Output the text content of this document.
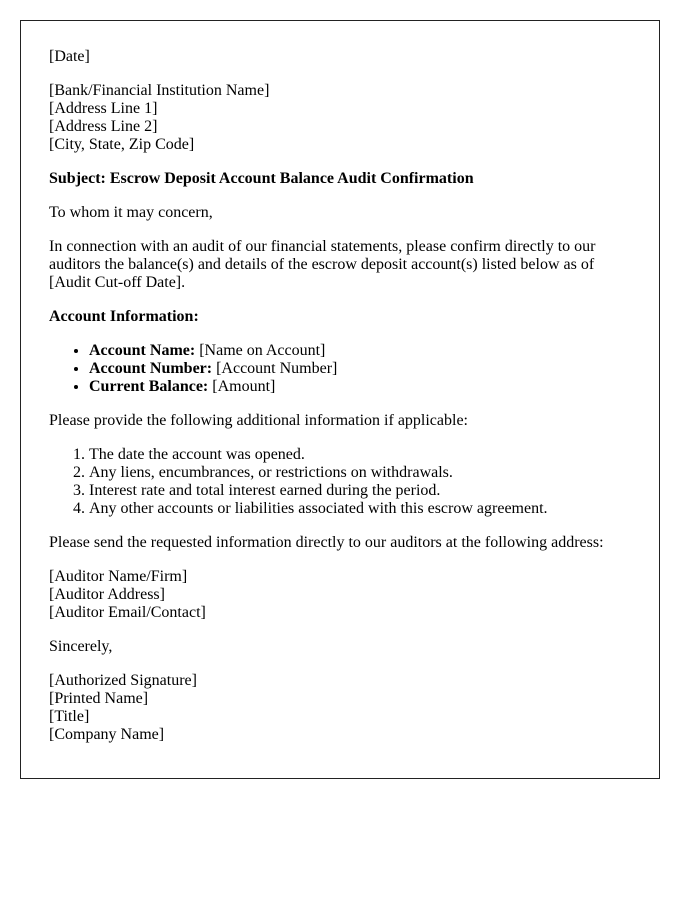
[Date]

[Bank/Financial Institution Name]
[Address Line 1]
[Address Line 2]
[City, State, Zip Code]

Subject: Escrow Deposit Account Balance Audit Confirmation

To whom it may concern,

In connection with an audit of our financial statements, please confirm directly to our auditors the balance(s) and details of the escrow deposit account(s) listed below as of [Audit Cut-off Date].

Account Information:

• Account Name: [Name on Account]
• Account Number: [Account Number]
• Current Balance: [Amount]

Please provide the following additional information if applicable:

1. The date the account was opened.
2. Any liens, encumbrances, or restrictions on withdrawals.
3. Interest rate and total interest earned during the period.
4. Any other accounts or liabilities associated with this escrow agreement.

Please send the requested information directly to our auditors at the following address:

[Auditor Name/Firm]
[Auditor Address]
[Auditor Email/Contact]

Sincerely,

[Authorized Signature]
[Printed Name]
[Title]
[Company Name]
